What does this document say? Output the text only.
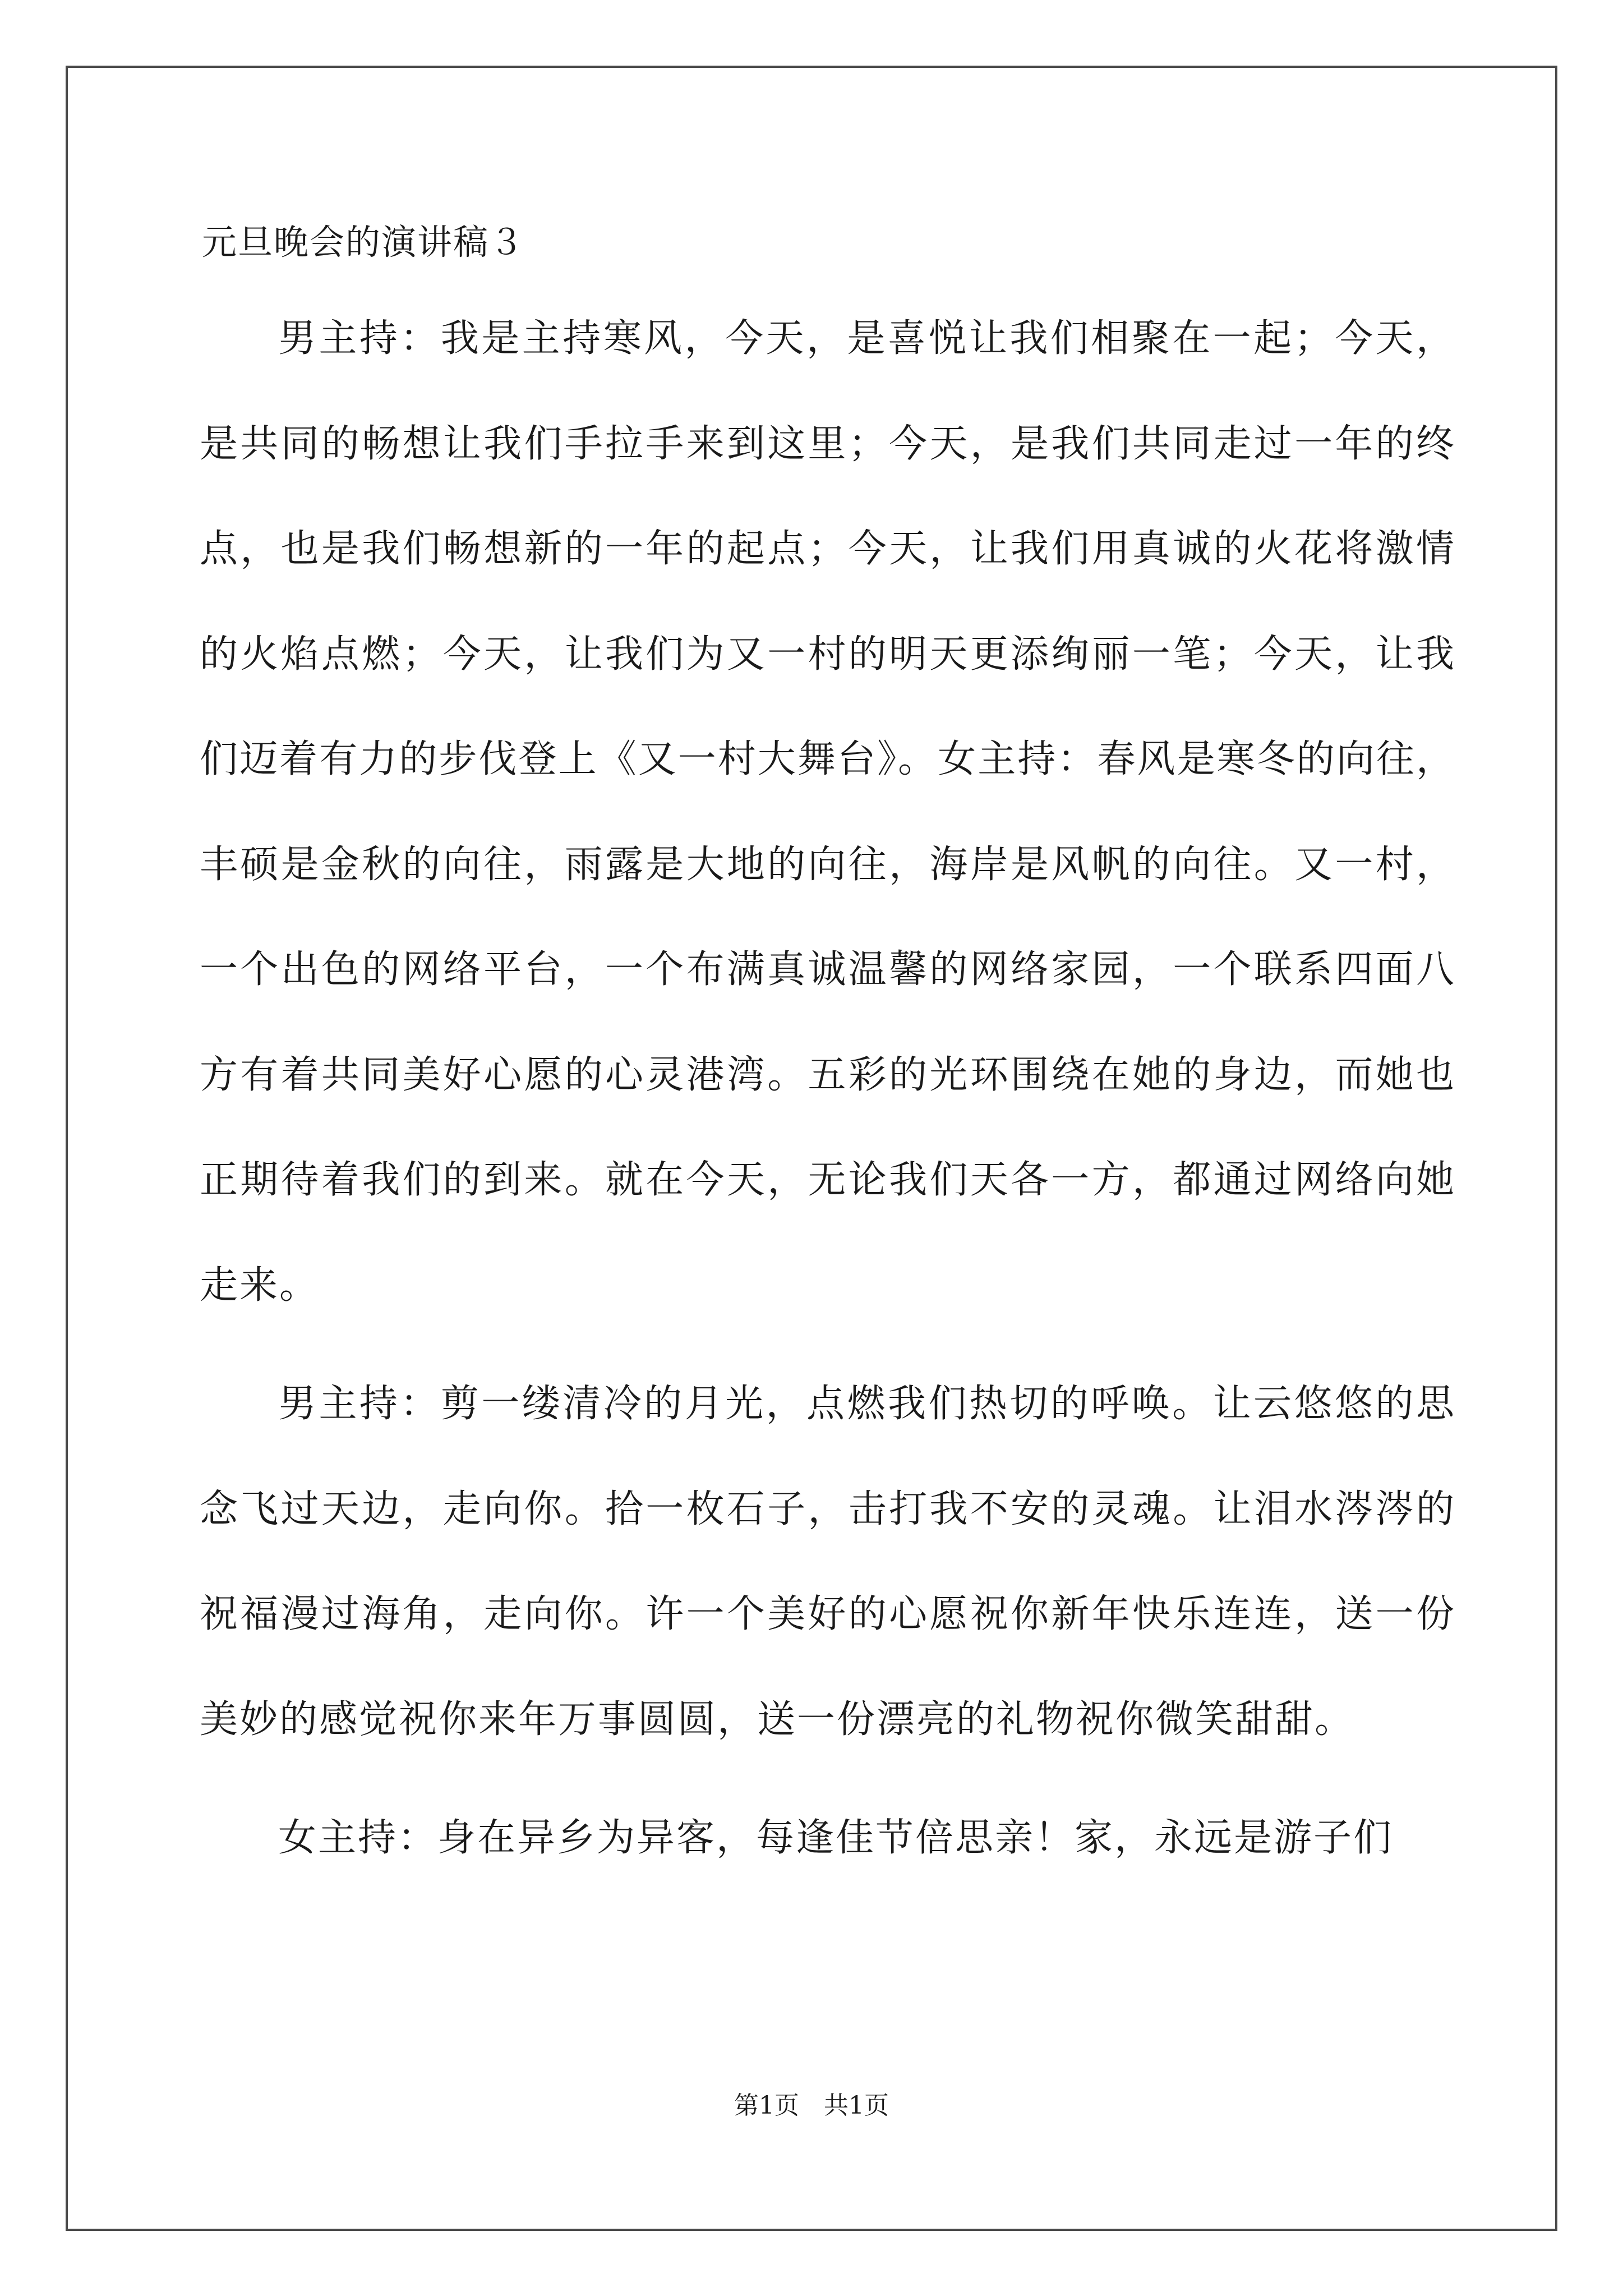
元旦晚会的演讲稿３

男主持：我是主持寒风，今天，是喜悦让我们相聚在一起；今天，是共同的畅想让我们手拉手来到这里；今天，是我们共同走过一年的终点，也是我们畅想新的一年的起点；今天，让我们用真诚的火花将激情的火焰点燃；今天，让我们为又一村的明天更添绚丽一笔；今天，让我们迈着有力的步伐登上《又一村大舞台》。女主持：春风是寒冬的向往，丰硕是金秋的向往，雨露是大地的向往，海岸是风帆的向往。又一村，一个出色的网络平台，一个布满真诚温馨的网络家园，一个联系四面八方有着共同美好心愿的心灵港湾。五彩的光环围绕在她的身边，而她也正期待着我们的到来。就在今天，无论我们天各一方，都通过网络向她走来。

男主持：剪一缕清冷的月光，点燃我们热切的呼唤。让云悠悠的思念飞过天边，走向你。拾一枚石子，击打我不安的灵魂。让泪水涔涔的祝福漫过海角，走向你。许一个美好的心愿祝你新年快乐连连，送一份美妙的感觉祝你来年万事圆圆，送一份漂亮的礼物祝你微笑甜甜。

女主持：身在异乡为异客，每逢佳节倍思亲！家，永远是游子们

第1页 共1页
